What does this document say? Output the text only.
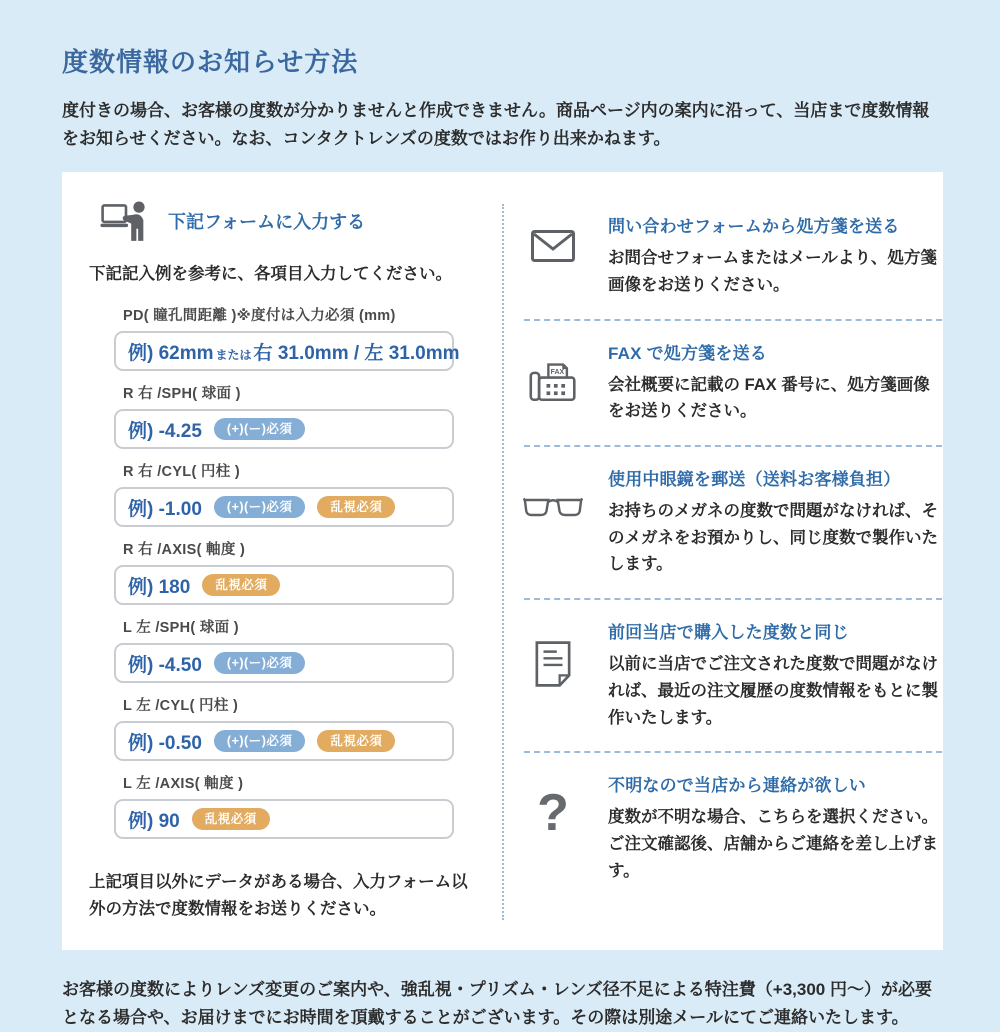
度数情報のお知らせ方法

度付きの場合、お客様の度数が分かりませんと作成できません。商品ページ内の案内に沿って、当店まで度数情報をお知らせください。なお、コンタクトレンズの度数ではお作り出来かねます。

下記フォームに入力する

下記記入例を参考に、各項目入力してください。

PD( 瞳孔間距離 )※度付は入力必須 (mm)
例) 62mm または 右 31.0mm / 左 31.0mm
R 右 /SPH( 球面 )
例) -4.25	(+)(ー)必須
R 右 /CYL( 円柱 )
例) -1.00	(+)(ー)必須	乱視必須
R 右 /AXIS( 軸度 )
例) 180	乱視必須
L 左 /SPH( 球面 )
例) -4.50	(+)(ー)必須
L 左 /CYL( 円柱 )
例) -0.50	(+)(ー)必須	乱視必須
L 左 /AXIS( 軸度 )
例) 90	乱視必須

上記項目以外にデータがある場合、入力フォーム以外の方法で度数情報をお送りください。

問い合わせフォームから処方箋を送る

お問合せフォームまたはメールより、処方箋画像をお送りください。

FAX

FAX で処方箋を送る

会社概要に記載の FAX 番号に、処方箋画像をお送りください。

使用中眼鏡を郵送（送料お客様負担）

お持ちのメガネの度数で問題がなければ、そのメガネをお預かりし、同じ度数で製作いたします。

前回当店で購入した度数と同じ

以前に当店でご注文された度数で問題がなければ、最近の注文履歴の度数情報をもとに製作いたします。

? 不明なので当店から連絡が欲しい

度数が不明な場合、こちらを選択ください。ご注文確認後、店舗からご連絡を差し上げます。

お客様の度数によりレンズ変更のご案内や、強乱視・プリズム・レンズ径不足による特注費（+3,300 円～）が必要となる場合や、お届けまでにお時間を頂戴することがございます。その際は別途メールにてご連絡いたします。
